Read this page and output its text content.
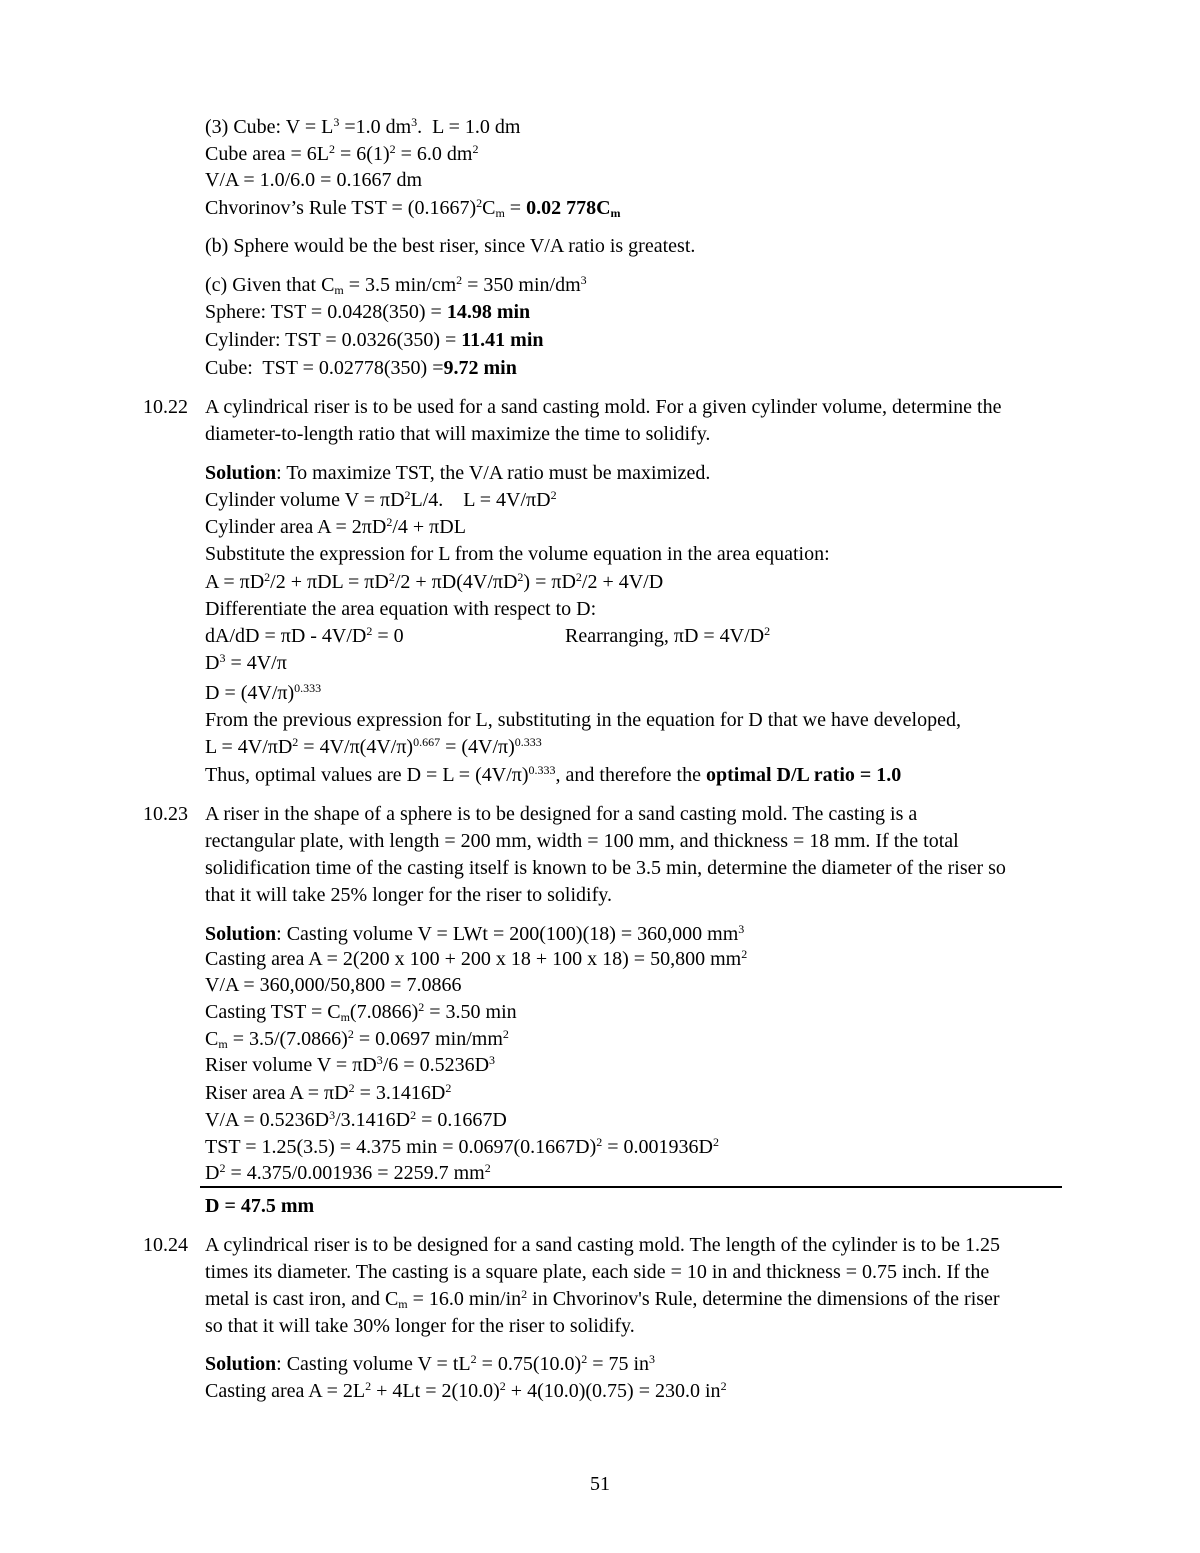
(3) Cube: $V = L^3 =1.0$ $dm^3$.  L = 1.0 dm
Cube area = $6L^2 = 6(1)^2 = 6.0$ $dm^2$
V/A = 1.0/6.0 = 0.1667 dm
Chvorinov’s Rule TST = $(0.1667)^2C_m = 0.02$ $778C_m$
(b) Sphere would be the best riser, since V/A ratio is greatest.
(c) Given that $C_m = 3.5$ $\min/cm^2 = 350$ $\min/dm^3$
Sphere: TST = 0.0428(350) = 14.98 min
Cylinder: TST = 0.0326(350) = 11.41 min
Cube:  TST = 0.02778(350) =9.72 min
10.22 A cylindrical riser is to be used for a sand casting mold. For a given cylinder volume, determine the
diameter-to-length ratio that will maximize the time to solidify.
Solution: To maximize TST, the V/A ratio must be maximized.
Cylinder volume $V = \pi D^2L/4$.    $L = 4V/\pi D^2$
Cylinder area $A = 2\pi D^2/4 + \pi DL$
Substitute the expression for L from the volume equation in the area equation:
$A = \pi D^2/2 + \pi DL = \pi D^2/2 + \pi D(4V/\pi D^2) = \pi D^2/2 + 4V/D$
Differentiate the area equation with respect to D:
$dA/dD = \pi D - 4V/D^2 = 0$	Rearranging, $\pi D = 4V/D^2$
$D^3 = 4V/\pi$
$D = (4V/\pi)^{0.333}$
From the previous expression for L, substituting in the equation for D that we have developed,
$L = 4V/\pi D^2 = 4V/\pi(4V/\pi)^{0.667} = (4V/\pi)^{0.333}$
Thus, optimal values are $D = L = (4V/\pi)^{0.333}$, and therefore the optimal D/L ratio = 1.0
10.23 A riser in the shape of a sphere is to be designed for a sand casting mold. The casting is a
rectangular plate, with length = 200 mm, width = 100 mm, and thickness = 18 mm. If the total
solidification time of the casting itself is known to be 3.5 min, determine the diameter of the riser so
that it will take 25% longer for the riser to solidify.
Solution: Casting volume V = LWt = 200(100)(18) = 360,000 $mm^3$
Casting area A = 2(200 x 100 + 200 x 18 + 100 x 18) = 50,800 $mm^2$
V/A = 360,000/50,800 = 7.0866
Casting TST = $C_m(7.0866)^2 = 3.50$ min
$C_m = 3.5/(7.0866)^2 = 0.0697$ $\min/mm^2$
Riser volume $V = \pi D^3/6 = 0.5236D^3$
Riser area $A = \pi D^2 = 3.1416D^2$
$V/A = 0.5236D^3/3.1416D^2 = 0.1667D$
TST = 1.25(3.5) = 4.375 $\min = 0.0697(0.1667D)^2 = 0.001936D^2$
$D^2 = 4.375/0.001936 = 2259.7$ $mm^2$
D = 47.5 mm
10.24 A cylindrical riser is to be designed for a sand casting mold. The length of the cylinder is to be 1.25
times its diameter. The casting is a square plate, each side = 10 in and thickness = 0.75 inch. If the
metal is cast iron, and $C_m = 16.0$ $\min/in^2$ in Chvorinov's Rule, determine the dimensions of the riser
so that it will take 30% longer for the riser to solidify.
Solution: Casting volume $V = tL^2 = 0.75(10.0)^2 = 75$ $in^3$
Casting area $A = 2L^2 + 4Lt = 2(10.0)^2 + 4(10.0)(0.75) = 230.0$ $in^2$
51
